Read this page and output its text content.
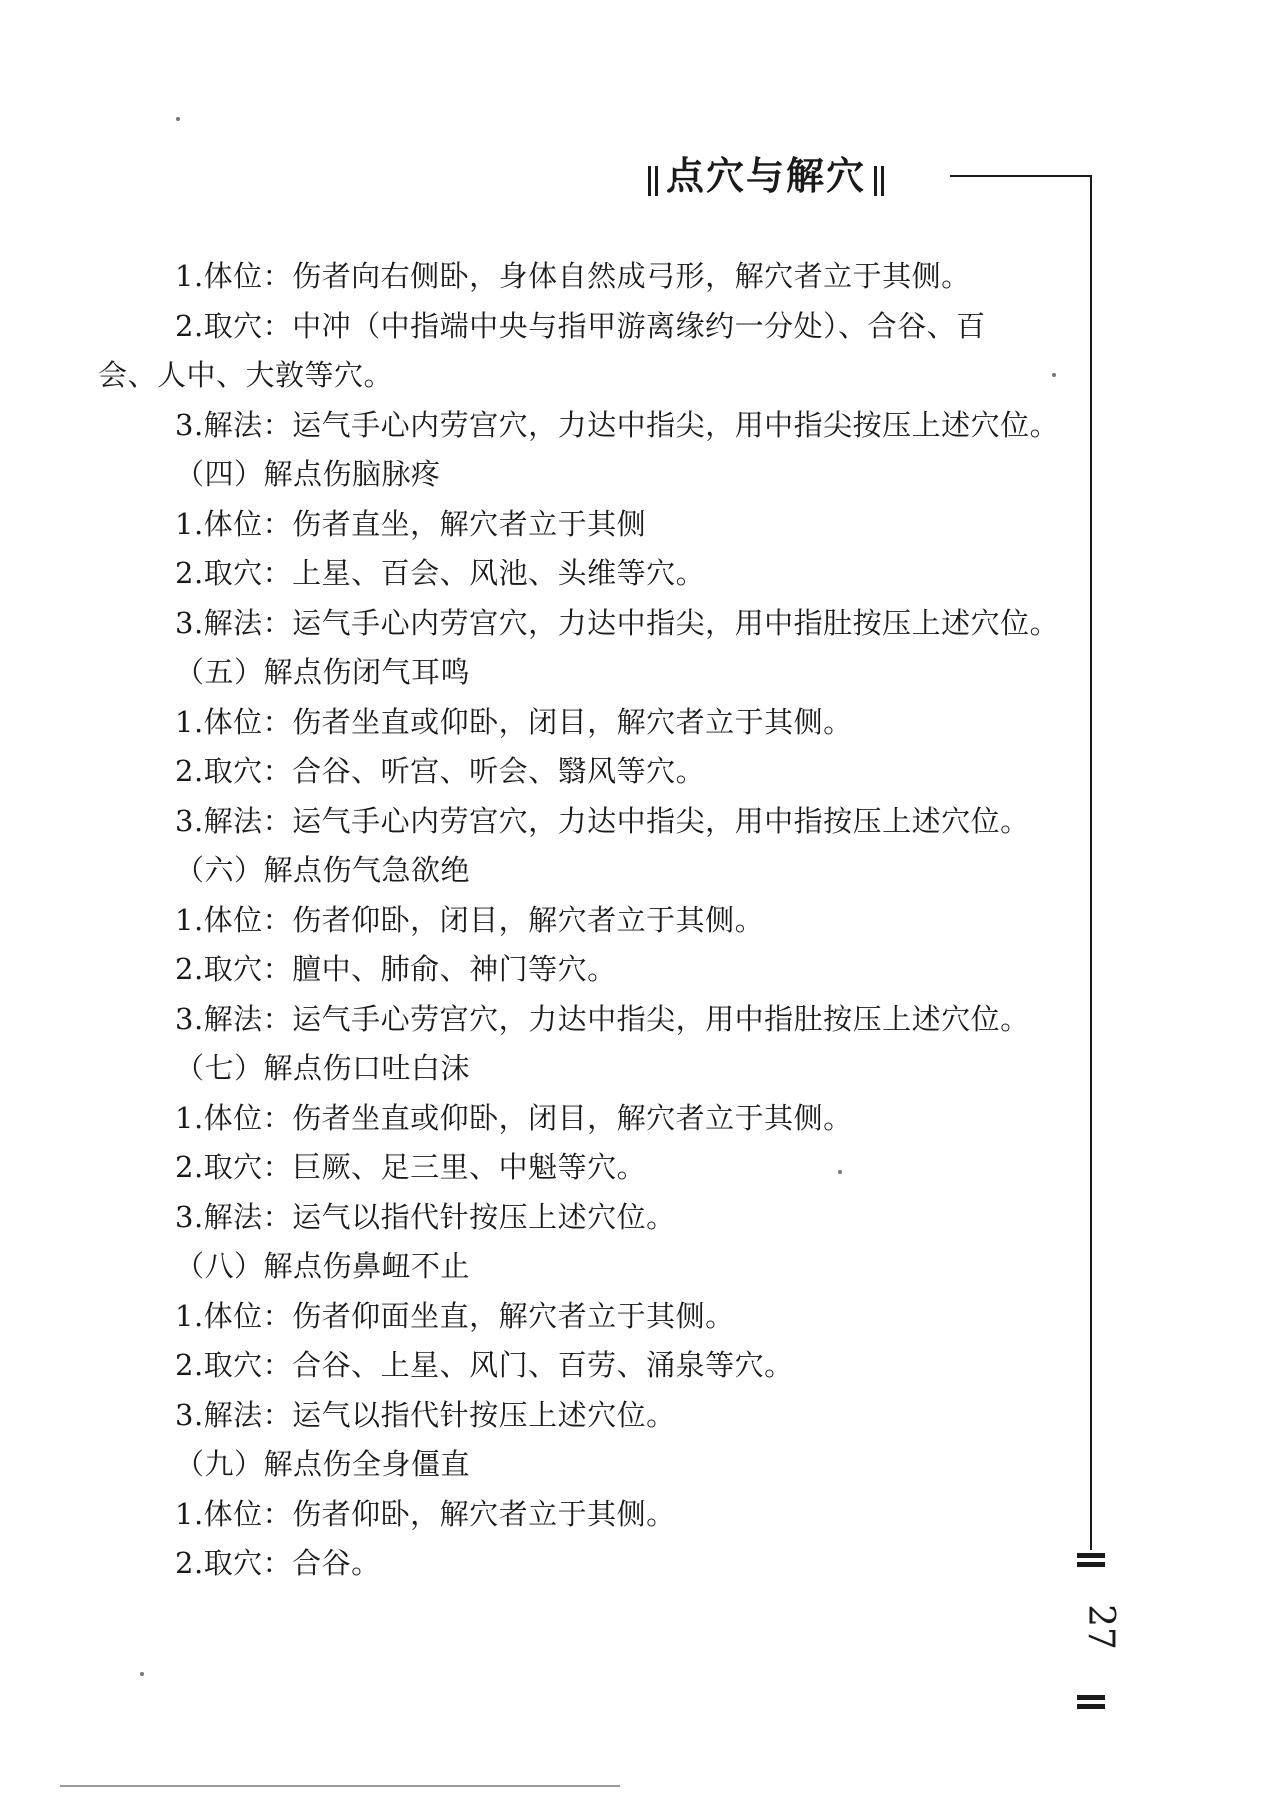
点穴与解穴
27
1.体位：伤者向右侧卧，身体自然成弓形，解穴者立于其侧。
2.取穴：中冲（中指端中央与指甲游离缘约一分处）、合谷、百
会、人中、大敦等穴。
3.解法：运气手心内劳宫穴，力达中指尖，用中指尖按压上述穴位。
（四）解点伤脑脉疼
1.体位：伤者直坐，解穴者立于其侧
2.取穴：上星、百会、风池、头维等穴。
3.解法：运气手心内劳宫穴，力达中指尖，用中指肚按压上述穴位。
（五）解点伤闭气耳鸣
1.体位：伤者坐直或仰卧，闭目，解穴者立于其侧。
2.取穴：合谷、听宫、听会、翳风等穴。
3.解法：运气手心内劳宫穴，力达中指尖，用中指按压上述穴位。
（六）解点伤气急欲绝
1.体位：伤者仰卧，闭目，解穴者立于其侧。
2.取穴：膻中、肺俞、神门等穴。
3.解法：运气手心劳宫穴，力达中指尖，用中指肚按压上述穴位。
（七）解点伤口吐白沫
1.体位：伤者坐直或仰卧，闭目，解穴者立于其侧。
2.取穴：巨厥、足三里、中魁等穴。
3.解法：运气以指代针按压上述穴位。
（八）解点伤鼻衄不止
1.体位：伤者仰面坐直，解穴者立于其侧。
2.取穴：合谷、上星、风门、百劳、涌泉等穴。
3.解法：运气以指代针按压上述穴位。
（九）解点伤全身僵直
1.体位：伤者仰卧，解穴者立于其侧。
2.取穴：合谷。
